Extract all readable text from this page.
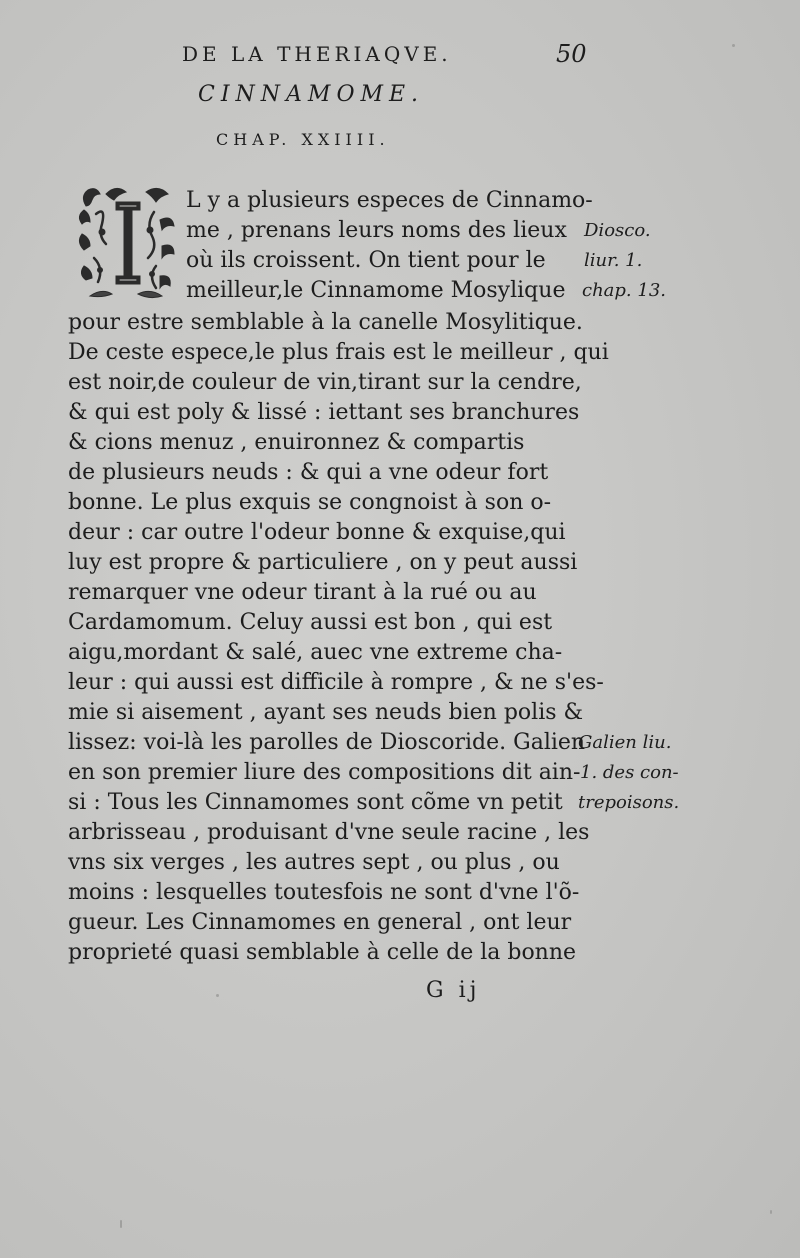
DE LA THERIAQVE.	50
CINNAMOME.
CHAP. XXIIII.
L y a plusieurs especes de Cinnamo-
me , prenans leurs noms des lieux
où ils croissent. On tient pour le
meilleur,le Cinnamome Mosylique
pour estre semblable à la canelle Mosylitique.
De ceste espece,le plus frais est le meilleur , qui
est noir,de couleur de vin,tirant sur la cendre,
& qui est poly & lissé : iettant ses branchures
& cions menuz , enuironnez & compartis
de plusieurs neuds : & qui a vne odeur fort
bonne. Le plus exquis se congnoist à son o-
deur : car outre l'odeur bonne & exquise,qui
luy est propre & particuliere , on y peut aussi
remarquer vne odeur tirant à la rué ou au
Cardamomum. Celuy aussi est bon , qui est
aigu,mordant & salé, auec vne extreme cha-
leur : qui aussi est difficile à rompre , & ne s'es-
mie si aisement , ayant ses neuds bien polis &
lissez: voi-là les parolles de Dioscoride. Galien
en son premier liure des compositions dit ain-
si : Tous les Cinnamomes sont cõme vn petit
arbrisseau , produisant d'vne seule racine , les
vns six verges , les autres sept , ou plus , ou
moins : lesquelles toutesfois ne sont d'vne l'õ-
gueur. Les Cinnamomes en general , ont leur
proprieté quasi semblable à celle de la bonne
Diosco.
liur. 1.
chap. 13.
Galien liu.
1. des con-
trepoisons.
G ij
